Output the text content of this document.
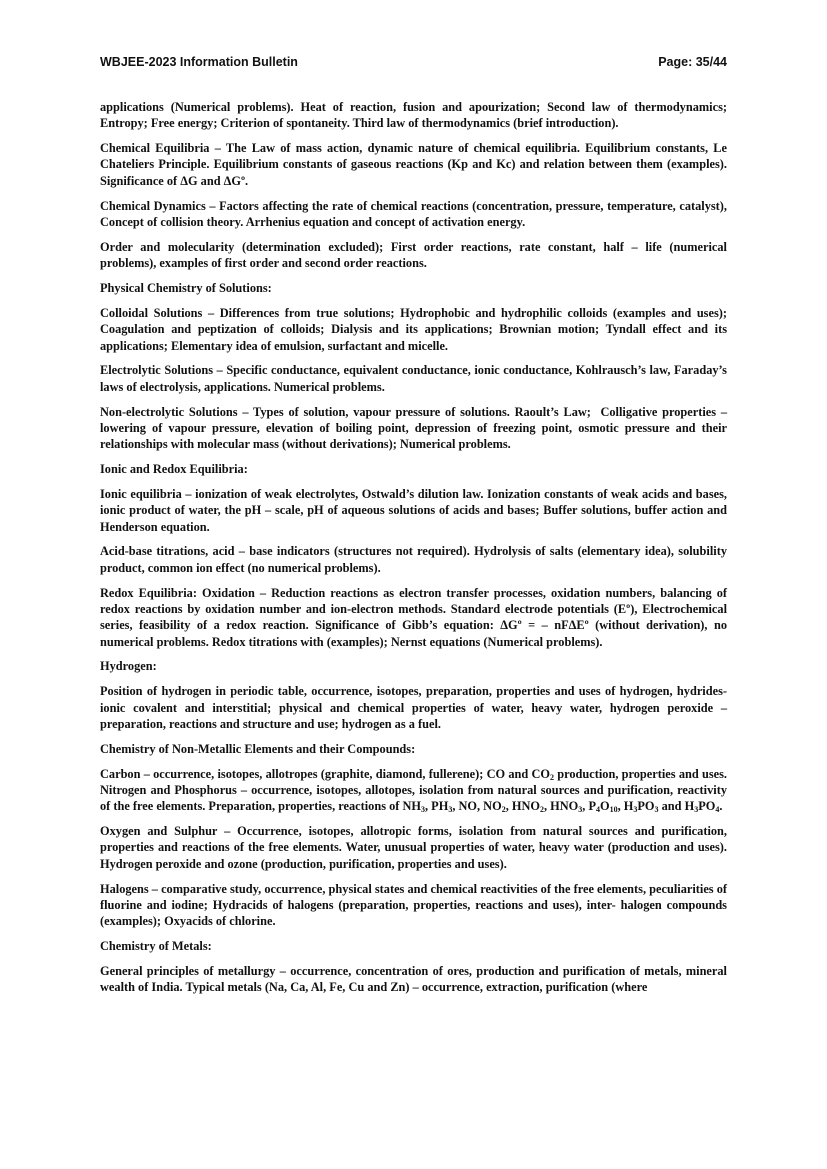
WBJEE-2023 Information Bulletin	Page: 35/44

applications (Numerical problems). Heat of reaction, fusion and apourization; Second law of thermodynamics; Entropy; Free energy; Criterion of spontaneity. Third law of thermodynamics (brief introduction).

Chemical Equilibria – The Law of mass action, dynamic nature of chemical equilibria. Equilibrium constants, Le Chateliers Principle. Equilibrium constants of gaseous reactions (Kp and Kc) and relation between them (examples). Significance of ΔG and ΔGº.

Chemical Dynamics – Factors affecting the rate of chemical reactions (concentration, pressure, temperature, catalyst), Concept of collision theory. Arrhenius equation and concept of activation energy.

Order and molecularity (determination excluded); First order reactions, rate constant, half – life (numerical problems), examples of first order and second order reactions.

Physical Chemistry of Solutions:

Colloidal Solutions – Differences from true solutions; Hydrophobic and hydrophilic colloids (examples and uses); Coagulation and peptization of colloids; Dialysis and its applications; Brownian motion; Tyndall effect and its applications; Elementary idea of emulsion, surfactant and micelle.

Electrolytic Solutions – Specific conductance, equivalent conductance, ionic conductance, Kohlrausch’s law, Faraday’s laws of electrolysis, applications. Numerical problems.

Non-electrolytic Solutions – Types of solution, vapour pressure of solutions. Raoult’s Law;  Colligative properties – lowering of vapour pressure, elevation of boiling point, depression of freezing point, osmotic pressure and their relationships with molecular mass (without derivations); Numerical problems.

Ionic and Redox Equilibria:

Ionic equilibria – ionization of weak electrolytes, Ostwald’s dilution law. Ionization constants of weak acids and bases, ionic product of water, the pH – scale, pH of aqueous solutions of acids and bases; Buffer solutions, buffer action and Henderson equation.

Acid-base titrations, acid – base indicators (structures not required). Hydrolysis of salts (elementary idea), solubility product, common ion effect (no numerical problems).

Redox Equilibria: Oxidation – Reduction reactions as electron transfer processes, oxidation numbers, balancing of redox reactions by oxidation number and ion-electron methods. Standard electrode potentials (Eº), Electrochemical series, feasibility of a redox reaction. Significance of Gibb’s equation: ΔGº = – nFΔEº (without derivation), no numerical problems. Redox titrations with (examples); Nernst equations (Numerical problems).

Hydrogen:

Position of hydrogen in periodic table, occurrence, isotopes, preparation, properties and uses of hydrogen, hydrides-ionic covalent and interstitial; physical and chemical properties of water, heavy water, hydrogen peroxide – preparation, reactions and structure and use; hydrogen as a fuel.

Chemistry of Non-Metallic Elements and their Compounds:

Carbon – occurrence, isotopes, allotropes (graphite, diamond, fullerene); CO and $CO_2$ production, properties and uses. Nitrogen and Phosphorus – occurrence, isotopes, allotopes, isolation from natural sources and purification, reactivity of the free elements. Preparation, properties, reactions of $NH_3$, $PH_3$, NO, $NO_2$, $HNO_2$, $HNO_3$, $P_4O_{10}$, $H_3PO_3$ and $H_3PO_4$.

Oxygen and Sulphur – Occurrence, isotopes, allotropic forms, isolation from natural sources and purification, properties and reactions of the free elements. Water, unusual properties of water, heavy water (production and uses). Hydrogen peroxide and ozone (production, purification, properties and uses).

Halogens – comparative study, occurrence, physical states and chemical reactivities of the free elements, peculiarities of fluorine and iodine; Hydracids of halogens (preparation, properties, reactions and uses), inter- halogen compounds (examples); Oxyacids of chlorine.

Chemistry of Metals:

General principles of metallurgy – occurrence, concentration of ores, production and purification of metals, mineral wealth of India. Typical metals (Na, Ca, Al, Fe, Cu and Zn) – occurrence, extraction, purification (where
